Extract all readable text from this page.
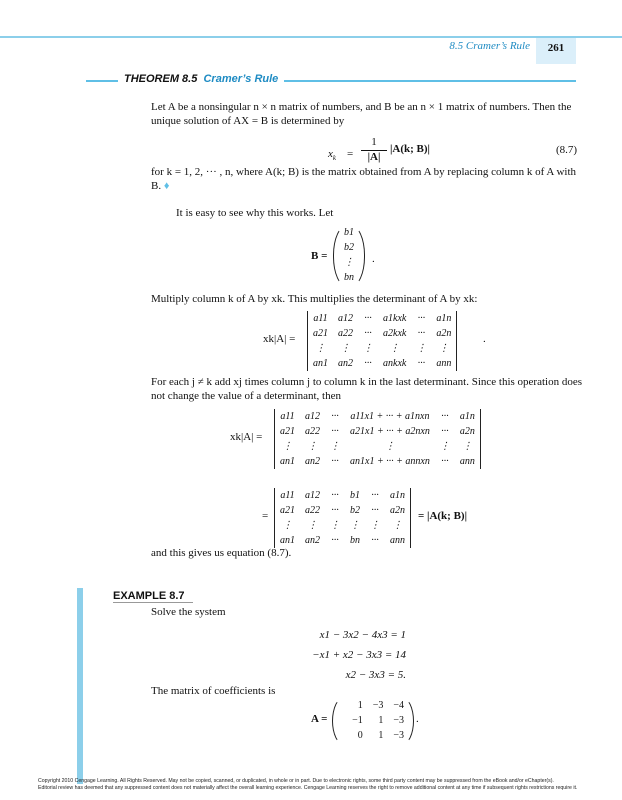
261
8.5 Cramer’s Rule
THEOREM 8.5 Cramer’s Rule

Let A be a nonsingular n × n matrix of numbers, and B be an n × 1 matrix of numbers. Then the unique solution of AX = B is determined by

$x_k$ =
1
|A|
|A(k; B)|	(8.7)

for k = 1, 2, ··· , n, where A(k; B) is the matrix obtained from A by replacing column k of A with B. ♦

It is easy to see why this works. Let

B =
b1
b2
⋮
bn
.

Multiply column k of A by xk. This multiplies the determinant of A by xk:

xk|A| =
a11	a12	···	a1kxk	···	a1n
a21	a22	···	a2kxk	···	a2n
⋮	⋮	⋮	⋮	⋮	⋮
an1	an2	···	ankxk	···	ann
.

For each j ≠ k add xj times column j to column k in the last determinant. Since this operation does not change the value of a determinant, then

xk|A| =
a11	a12	···	a11x1 + ··· + a1nxn	···	a1n
a21	a22	···	a21x1 + ··· + a2nxn	···	a2n
⋮	⋮	⋮	⋮	⋮	⋮
an1	an2	···	an1x1 + ··· + annxn	···	ann
=
a11	a12	···	b1	···	a1n
a21	a22	···	b2	···	a2n
⋮	⋮	⋮	⋮	⋮	⋮
an1	an2	···	bn	···	ann
= |A(k; B)|

and this gives us equation (8.7).

EXAMPLE 8.7

Solve the system

x1 − 3x2 − 4x3 = 1
−x1 + x2 − 3x3 = 14
x2 − 3x3 = 5.

The matrix of coefficients is

A =
1	−3	−4
−1	1	−3
0	1	−3
.
Copyright 2010 Cengage Learning. All Rights Reserved. May not be copied, scanned, or duplicated, in whole or in part. Due to electronic rights, some third party content may be suppressed from the eBook and/or eChapter(s).
Editorial review has deemed that any suppressed content does not materially affect the overall learning experience. Cengage Learning reserves the right to remove additional content at any time if subsequent rights restrictions require it.
